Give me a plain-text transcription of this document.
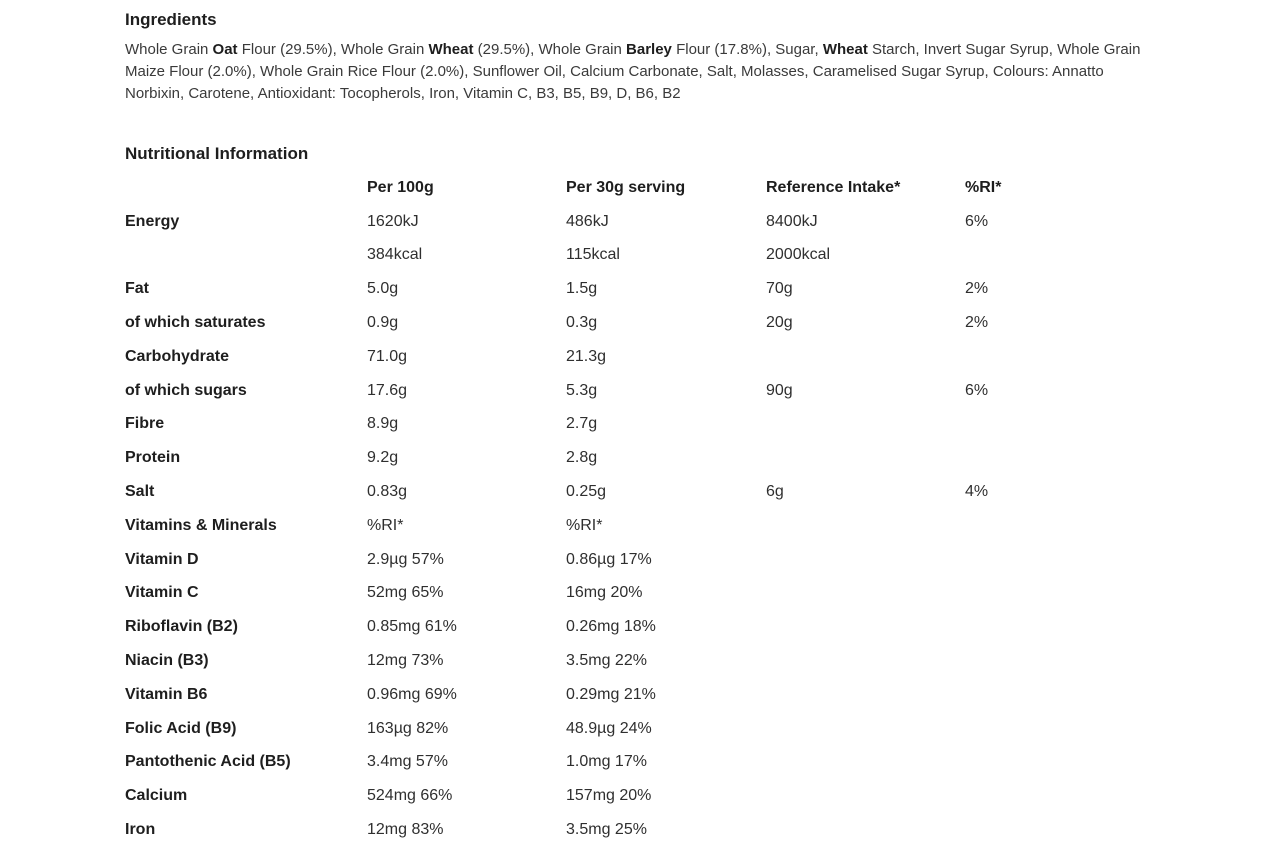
Ingredients
Whole Grain Oat Flour (29.5%), Whole Grain Wheat (29.5%), Whole Grain Barley Flour (17.8%), Sugar, Wheat Starch, Invert Sugar Syrup, Whole Grain Maize Flour (2.0%), Whole Grain Rice Flour (2.0%), Sunflower Oil, Calcium Carbonate, Salt, Molasses, Caramelised Sugar Syrup, Colours: Annatto Norbixin, Carotene, Antioxidant: Tocopherols, Iron, Vitamin C, B3, B5, B9, D, B6, B2
Nutritional Information
	Per 100g	Per 30g serving	Reference Intake*	%RI*
Energy	1620kJ	486kJ	8400kJ	6%
	384kcal	115kcal	2000kcal	
Fat	5.0g	1.5g	70g	2%
of which saturates	0.9g	0.3g	20g	2%
Carbohydrate	71.0g	21.3g		
of which sugars	17.6g	5.3g	90g	6%
Fibre	8.9g	2.7g		
Protein	9.2g	2.8g		
Salt	0.83g	0.25g	6g	4%
Vitamins & Minerals	%RI*	%RI*		
Vitamin D	2.9µg 57%	0.86µg 17%		
Vitamin C	52mg 65%	16mg 20%		
Riboflavin (B2)	0.85mg 61%	0.26mg 18%		
Niacin (B3)	12mg 73%	3.5mg 22%		
Vitamin B6	0.96mg 69%	0.29mg 21%		
Folic Acid (B9)	163µg 82%	48.9µg 24%		
Pantothenic Acid (B5)	3.4mg 57%	1.0mg 17%		
Calcium	524mg 66%	157mg 20%		
Iron	12mg 83%	3.5mg 25%		
